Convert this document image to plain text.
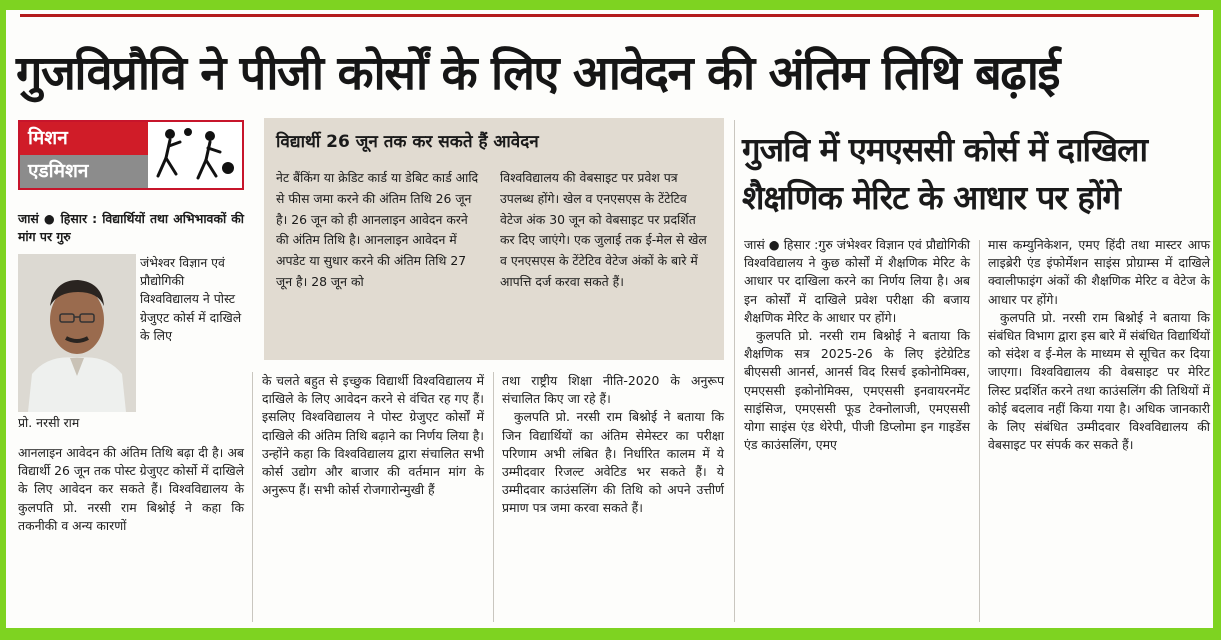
गुजविप्रौवि ने पीजी कोर्सों के लिए आवेदन की अंतिम तिथि बढ़ाई
मिशन
एडमिशन
जासं ● हिसार : विद्यार्थियों तथा अभिभावकों की मांग पर गुरु
जंभेश्वर विज्ञान एवं प्रौद्योगिकी विश्वविद्यालय ने पोस्ट ग्रेजुएट कोर्स में दाखिले के लिए
प्रो. नरसी राम
आनलाइन आवेदन की अंतिम तिथि बढ़ा दी है। अब विद्यार्थी 26 जून तक पोस्ट ग्रेजुएट कोर्सो में दाखिले के लिए आवेदन कर सकते हैं। विश्वविद्यालय के कुलपति प्रो. नरसी राम बिश्नोई ने कहा कि तकनीकी व अन्य कारणों
विद्यार्थी 26 जून तक कर सकते हैं आवेदन
नेट बैंकिंग या क्रेडिट कार्ड या डेबिट कार्ड आदि से फीस जमा करने की अंतिम तिथि 26 जून है। 26 जून को ही आनलाइन आवेदन करने की अंतिम तिथि है। आनलाइन आवेदन में अपडेट या सुधार करने की अंतिम तिथि 27 जून है। 28 जून को
विश्वविद्यालय की वेबसाइट पर प्रवेश पत्र उपलब्ध होंगे। खेल व एनएसएस के टेंटेटिव वेटेज अंक 30 जून को वेबसाइट पर प्रदर्शित कर दिए जाएंगे। एक जुलाई तक ई-मेल से खेल व एनएसएस के टेंटेटिव वेटेज अंकों के बारे में आपत्ति दर्ज करवा सकते हैं।
के चलते बहुत से इच्छुक विद्यार्थी विश्वविद्यालय में दाखिले के लिए आवेदन करने से वंचित रह गए हैं। इसलिए विश्वविद्यालय ने पोस्ट ग्रेजुएट कोर्सों में दाखिले की अंतिम तिथि बढ़ाने का निर्णय लिया है। उन्होंने कहा कि विश्वविद्यालय द्वारा संचालित सभी कोर्स उद्योग और बाजार की वर्तमान मांग के अनुरूप हैं। सभी कोर्स रोजगारोन्मुखी हैं
तथा राष्ट्रीय शिक्षा नीति-2020 के अनुरूप संचालित किए जा रहे हैं।
कुलपति प्रो. नरसी राम बिश्नोई ने बताया कि जिन विद्यार्थियों का अंतिम सेमेस्टर का परीक्षा परिणाम अभी लंबित है। निर्धारित कालम में ये उम्मीदवार रिजल्ट अवेटिड भर सकते हैं। ये उम्मीदवार काउंसलिंग की तिथि को अपने उत्तीर्ण प्रमाण पत्र जमा करवा सकते हैं।
गुजवि में एमएससी कोर्स में दाखिला शैक्षणिक मेरिट के आधार पर होंगे
जासं ● हिसार :गुरु जंभेश्वर विज्ञान एवं प्रौद्योगिकी विश्वविद्यालय ने कुछ कोर्सों में शैक्षणिक मेरिट के आधार पर दाखिला करने का निर्णय लिया है। अब इन कोर्सों में दाखिले प्रवेश परीक्षा की बजाय शैक्षणिक मेरिट के आधार पर होंगे।
कुलपति प्रो. नरसी राम बिश्नोई ने बताया कि शैक्षणिक सत्र 2025-26 के लिए इंटेग्रेटिड बीएससी आनर्स, आनर्स विद रिसर्च इकोनोमिक्स, एमएससी इकोनोमिक्स, एमएससी इनवायरनमेंट साइंसिज, एमएससी फूड टेक्नोलाजी, एमएससी योगा साइंस एंड थेरेपी, पीजी डिप्लोमा इन गाइडेंस एंड काउंसलिंग, एमए
मास कम्युनिकेशन, एमए हिंदी तथा मास्टर आफ लाइब्रेरी एंड इंफोर्मेशन साइंस प्रोग्राम्स में दाखिले क्वालीफाइंग अंकों की शैक्षणिक मेरिट व वेटेज के आधार पर होंगे।
कुलपति प्रो. नरसी राम बिश्नोई ने बताया कि संबंधित विभाग द्वारा इस बारे में संबंधित विद्यार्थियों को संदेश व ई-मेल के माध्यम से सूचित कर दिया जाएगा। विश्वविद्यालय की वेबसाइट पर मेरिट लिस्ट प्रदर्शित करने तथा काउंसलिंग की तिथियों में कोई बदलाव नहीं किया गया है। अधिक जानकारी के लिए संबंधित उम्मीदवार विश्वविद्यालय की वेबसाइट पर संपर्क कर सकते हैं।
